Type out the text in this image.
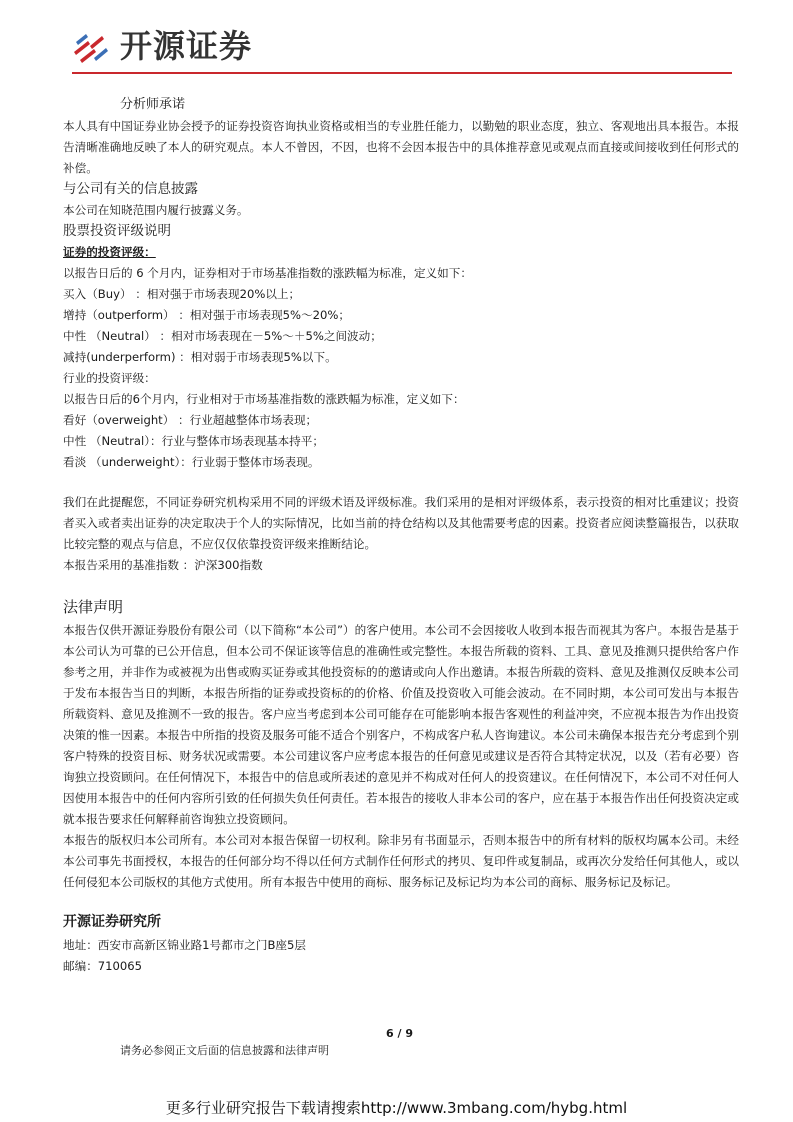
开源证券

分析师承诺

本人具有中国证券业协会授予的证券投资咨询执业资格或相当的专业胜任能力，以勤勉的职业态度，独立、客观地出具本报告。本报告清晰准确地反映了本人的研究观点。本人不曾因，不因，也将不会因本报告中的具体推荐意见或观点而直接或间接收到任何形式的补偿。

与公司有关的信息披露

本公司在知晓范围内履行披露义务。

股票投资评级说明

证券的投资评级：

以报告日后的 6 个月内，证券相对于市场基准指数的涨跌幅为标准，定义如下：

买入（Buy） ：相对强于市场表现20%以上；

增持（outperform） ：相对强于市场表现5%～20%；

中性 （Neutral） ：相对市场表现在－5%～＋5%之间波动；

减持(underperform) ：相对弱于市场表现5%以下。

行业的投资评级：

以报告日后的6个月内，行业相对于市场基准指数的涨跌幅为标准，定义如下：

看好（overweight） ：行业超越整体市场表现；

中性 （Neutral）：行业与整体市场表现基本持平；

看淡 （underweight）：行业弱于整体市场表现。

我们在此提醒您，不同证券研究机构采用不同的评级术语及评级标准。我们采用的是相对评级体系，表示投资的相对比重建议；投资者买入或者卖出证券的决定取决于个人的实际情况，比如当前的持仓结构以及其他需要考虑的因素。投资者应阅读整篇报告，以获取比较完整的观点与信息，不应仅仅依靠投资评级来推断结论。

本报告采用的基准指数 ：沪深300指数

法律声明

本报告仅供开源证券股份有限公司（以下简称“本公司”）的客户使用。本公司不会因接收人收到本报告而视其为客户。本报告是基于本公司认为可靠的已公开信息，但本公司不保证该等信息的准确性或完整性。本报告所载的资料、工具、意见及推测只提供给客户作参考之用，并非作为或被视为出售或购买证券或其他投资标的的邀请或向人作出邀请。本报告所载的资料、意见及推测仅反映本公司于发布本报告当日的判断，本报告所指的证券或投资标的的价格、价值及投资收入可能会波动。在不同时期，本公司可发出与本报告所载资料、意见及推测不一致的报告。客户应当考虑到本公司可能存在可能影响本报告客观性的利益冲突，不应视本报告为作出投资决策的惟一因素。本报告中所指的投资及服务可能不适合个别客户，不构成客户私人咨询建议。本公司未确保本报告充分考虑到个别客户特殊的投资目标、财务状况或需要。本公司建议客户应考虑本报告的任何意见或建议是否符合其特定状况，以及（若有必要）咨询独立投资顾问。在任何情况下，本报告中的信息或所表述的意见并不构成对任何人的投资建议。在任何情况下，本公司不对任何人因使用本报告中的任何内容所引致的任何损失负任何责任。若本报告的接收人非本公司的客户，应在基于本报告作出任何投资决定或就本报告要求任何解释前咨询独立投资顾问。

本报告的版权归本公司所有。本公司对本报告保留一切权利。除非另有书面显示，否则本报告中的所有材料的版权均属本公司。未经本公司事先书面授权，本报告的任何部分均不得以任何方式制作任何形式的拷贝、复印件或复制品，或再次分发给任何其他人，或以任何侵犯本公司版权的其他方式使用。所有本报告中使用的商标、服务标记及标记均为本公司的商标、服务标记及标记。

开源证券研究所

地址：西安市高新区锦业路1号都市之门B座5层

邮编：710065

6 / 9
请务必参阅正文后面的信息披露和法律声明
更多行业研究报告下载请搜索http://www.3mbang.com/hybg.html
